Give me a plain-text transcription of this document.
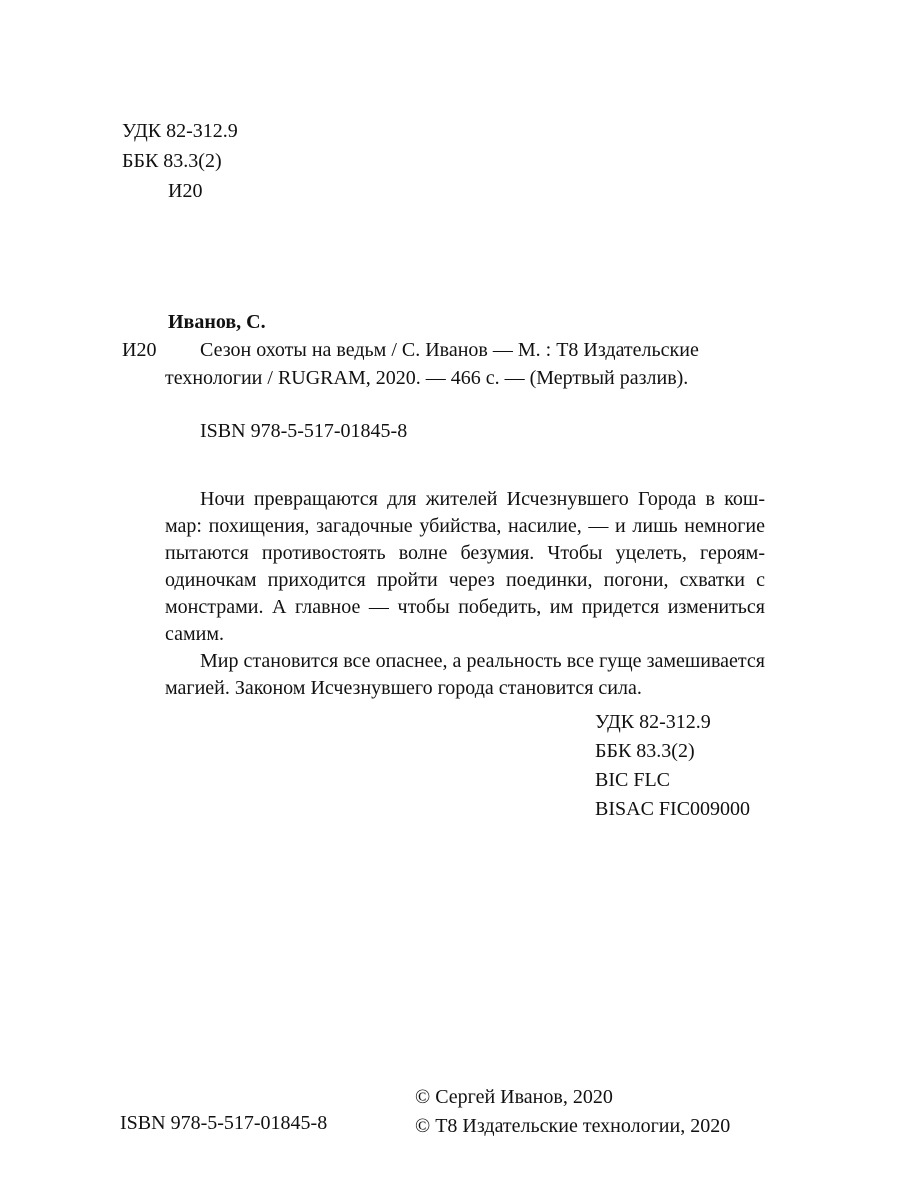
УДК 82-312.9
ББК 83.3(2)
И20
Иванов, С.
И20 Сезон охоты на ведьм / С. Иванов — М. : Т8 Издательские
технологии / RUGRAM, 2020. — 466 с. — (Мертвый разлив).
ISBN 978-5-517-01845-8
Ночи превращаются для жителей Исчезнувшего Города в кош-
мар: похищения, загадочные убийства, насилие, — и лишь немногие
пытаются противостоять волне безумия. Чтобы уцелеть, героям-
одиночкам приходится пройти через поединки, погони, схватки с
монстрами. А главное — чтобы победить, им придется измениться
самим.
Мир становится все опаснее, а реальность все гуще замешивается
магией. Законом Исчезнувшего города становится сила.
УДК 82-312.9
ББК 83.3(2)
BIC FLC
BISAC FIC009000
ISBN 978-5-517-01845-8
© Сергей Иванов, 2020
© Т8 Издательские технологии, 2020
